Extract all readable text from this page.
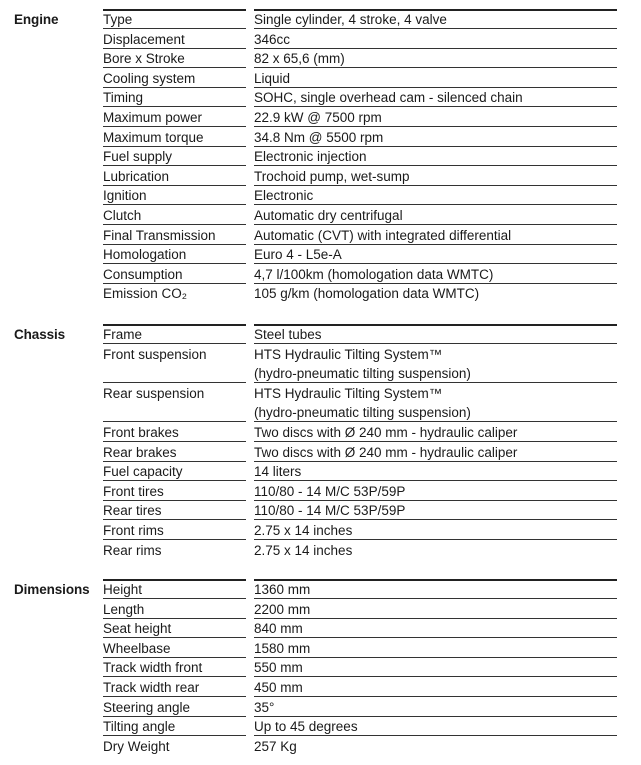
Engine	Type	Single cylinder, 4 stroke, 4 valve
Displacement	346cc
Bore x Stroke	82 x 65,6 (mm)
Cooling system	Liquid
Timing	SOHC, single overhead cam - silenced chain
Maximum power	22.9 kW @ 7500 rpm
Maximum torque	34.8 Nm @ 5500 rpm
Fuel supply	Electronic injection
Lubrication	Trochoid pump, wet-sump
Ignition	Electronic
Clutch	Automatic dry centrifugal
Final Transmission	Automatic (CVT) with integrated differential
Homologation	Euro 4 - L5e-A
Consumption	4,7 l/100km (homologation data WMTC)
Emission CO₂	105 g/km (homologation data WMTC)
Chassis	Frame	Steel tubes
Front suspension	HTS Hydraulic Tilting System™
(hydro-pneumatic tilting suspension)
Rear suspension	HTS Hydraulic Tilting System™
(hydro-pneumatic tilting suspension)
Front brakes	Two discs with Ø 240 mm - hydraulic caliper
Rear brakes	Two discs with Ø 240 mm - hydraulic caliper
Fuel capacity	14 liters
Front tires	110/80 - 14 M/C 53P/59P
Rear tires	110/80 - 14 M/C 53P/59P
Front rims	2.75 x 14 inches
Rear rims	2.75 x 14 inches
Dimensions Height	1360 mm
Length	2200 mm
Seat height	840 mm
Wheelbase	1580 mm
Track width front	550 mm
Track width rear	450 mm
Steering angle	35°
Tilting angle	Up to 45 degrees
Dry Weight	257 Kg
